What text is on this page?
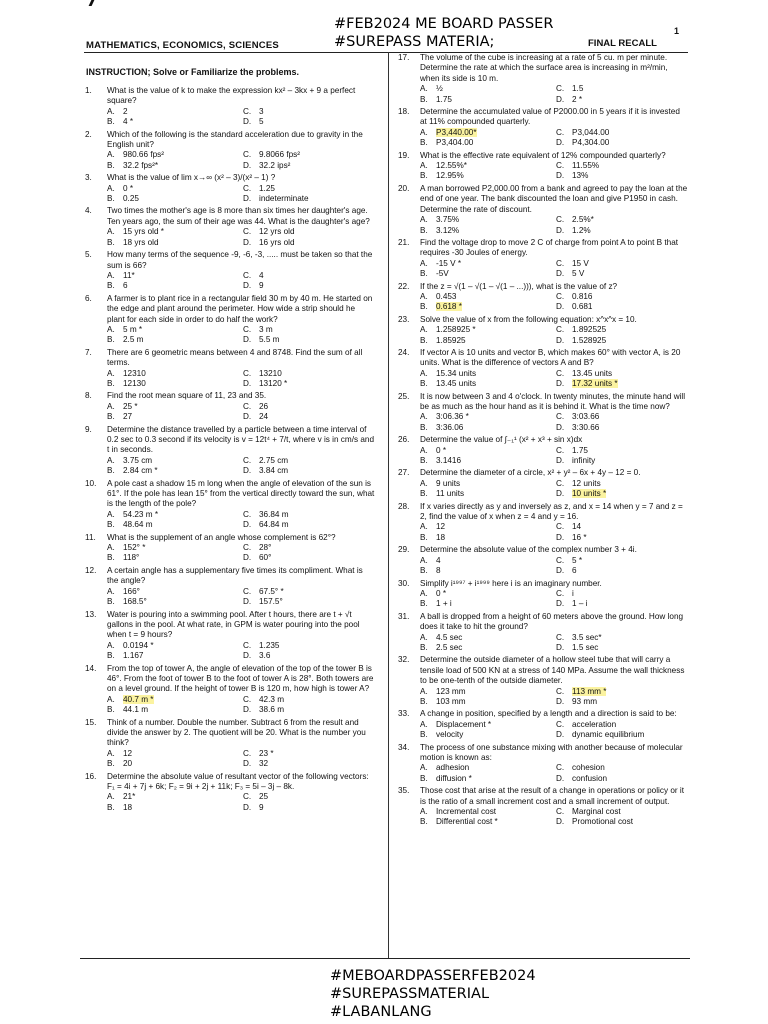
#FEB2024 ME BOARD PASSER
#SUREPASS MATERIA;
1
MATHEMATICS, ECONOMICS, SCIENCES	FINAL RECALL
INSTRUCTION; Solve or Familiarize the problems.
1.	What is the value of k to make the expression kx² – 3kx + 9 a perfect square?
A. 2	C. 3
B. 4 *	D. 5
2.	Which of the following is the standard acceleration due to gravity in the English unit?
A. 980.66 fps²	C. 9.8066 fps²
B. 32.2 fps²*	D. 32.2 ips²
3.	What is the value of lim x→∞ (x² – 3)/(x² – 1) ?
A. 0 *	C. 1.25
B. 0.25	D. indeterminate
4.	Two times the mother's age is 8 more than six times her daughter's age. Ten years ago, the sum of their age was 44. What is the daughter's age?
A. 15 yrs old *	C. 12 yrs old
B. 18 yrs old	D. 16 yrs old
5.	How many terms of the sequence -9, -6, -3, ..... must be taken so that the sum is 66?
A. 11*	C. 4
B. 6	D. 9
6.	A farmer is to plant rice in a rectangular field 30 m by 40 m. He started on the edge and plant around the perimeter. How wide a strip should he plant for each side in order to do half the work?
A. 5 m *	C. 3 m
B. 2.5 m	D. 5.5 m
7.	There are 6 geometric means between 4 and 8748. Find the sum of all terms.
A. 12310	C. 13210
B. 12130	D. 13120 *
8.	Find the root mean square of 11, 23 and 35.
A. 25 *	C. 26
B. 27	D. 24
9.	Determine the distance travelled by a particle between a time interval of 0.2 sec to 0.3 second if its velocity is v = 12t⁴ + 7/t, where v is in cm/s and t in seconds.
A. 3.75 cm	C. 2.75 cm
B. 2.84 cm *	D. 3.84 cm
10.	A pole cast a shadow 15 m long when the angle of elevation of the sun is 61°. If the pole has lean 15° from the vertical directly toward the sun, what is the length of the pole?
A. 54.23 m *	C. 36.84 m
B. 48.64 m	D. 64.84 m
11.	What is the supplement of an angle whose complement is 62°?
A. 152° *	C. 28°
B. 118°	D. 60°
12.	A certain angle has a supplementary five times its compliment. What is the angle?
A. 166°	C. 67.5° *
B. 168.5°	D. 157.5°
13.	Water is pouring into a swimming pool. After t hours, there are t + √t gallons in the pool. At what rate, in GPM is water pouring into the pool when t = 9 hours?
A. 0.0194 *	C. 1.235
B. 1.167	D. 3.6
14.	From the top of tower A, the angle of elevation of the top of the tower B is 46°. From the foot of tower B to the foot of tower A is 28°. Both towers are on a level ground. If the height of tower B is 120 m, how high is tower A?
A. 40.7 m *	C. 42.3 m
B. 44.1 m	D. 38.6 m
15.	Think of a number. Double the number. Subtract 6 from the result and divide the answer by 2. The quotient will be 20. What is the number you think?
A. 12	C. 23 *
B. 20	D. 32
16.	Determine the absolute value of resultant vector of the following vectors: F₁ = 4i + 7j + 6k; F₂ = 9i + 2j + 11k; F₃ = 5i – 3j – 8k.
A. 21*	C. 25
B. 18	D. 9
17.	The volume of the cube is increasing at a rate of 5 cu. m per minute. Determine the rate at which the surface area is increasing in m²/min, when its side is 10 m.
A. ½	C. 1.5
B. 1.75	D. 2 *
18.	Determine the accumulated value of P2000.00 in 5 years if it is invested at 11% compounded quarterly.
A. P3,440.00*	C. P3,044.00
B. P3,404.00	D. P4,304.00
19.	What is the effective rate equivalent of 12% compounded quarterly?
A. 12.55%*	C. 11.55%
B. 12.95%	D. 13%
20.	A man borrowed P2,000.00 from a bank and agreed to pay the loan at the end of one year. The bank discounted the loan and give P1950 in cash. Determine the rate of discount.
A. 3.75%	C. 2.5%*
B. 3.12%	D. 1.2%
21.	Find the voltage drop to move 2 C of charge from point A to point B that requires -30 Joules of energy.
A. -15 V *	C. 15 V
B. -5V	D. 5 V
22.	If the z = √(1 – √(1 – √(1 – ...))), what is the value of z?
A. 0.453	C. 0.816
B. 0.618 *	D. 0.681
23.	Solve the value of x from the following equation: x^x^x = 10.
A. 1.258925 *	C. 1.892525
B. 1.85925	D. 1.528925
24.	If vector A is 10 units and vector B, which makes 60° with vector A, is 20 units. What is the difference of vectors A and B?
A. 15.34 units	C. 13.45 units
B. 13.45 units	D. 17.32 units *
25.	It is now between 3 and 4 o'clock. In twenty minutes, the minute hand will be as much as the hour hand as it is behind it. What is the time now?
A. 3:06.36 *	C. 3:03.66
B. 3:36.06	D. 3:30.66
26.	Determine the value of ∫₋₁¹ (x² + x³ + sin x)dx
A. 0 *	C. 1.75
B. 3.1416	D. infinity
27.	Determine the diameter of a circle, x² + y² – 6x + 4y – 12 = 0.
A. 9 units	C. 12 units
B. 11 units	D. 10 units *
28.	If x varies directly as y and inversely as z, and x = 14 when y = 7 and z = 2, find the value of x when z = 4 and y = 16.
A. 12	C. 14
B. 18	D. 16 *
29.	Determine the absolute value of the complex number 3 + 4i.
A. 4	C. 5 *
B. 8	D. 6
30.	Simplify i¹⁹⁹⁷ + i¹⁹⁹⁹ here i is an imaginary number.
A. 0 *	C. i
B. 1 + i	D. 1 – i
31.	A ball is dropped from a height of 60 meters above the ground. How long does it take to hit the ground?
A. 4.5 sec	C. 3.5 sec*
B. 2.5 sec	D. 1.5 sec
32.	Determine the outside diameter of a hollow steel tube that will carry a tensile load of 500 KN at a stress of 140 MPa. Assume the wall thickness to be one-tenth of the outside diameter.
A. 123 mm	C. 113 mm *
B. 103 mm	D. 93 mm
33.	A change in position, specified by a length and a direction is said to be:
A. Displacement *	C. acceleration
B. velocity	D. dynamic equilibrium
34.	The process of one substance mixing with another because of molecular motion is known as:
A. adhesion	C. cohesion
B. diffusion *	D. confusion
35.	Those cost that arise at the result of a change in operations or policy or it is the ratio of a small increment cost and a small increment of output.
A. Incremental cost	C. Marginal cost
B. Differential cost *	D. Promotional cost
#MEBOARDPASSERFEB2024
#SUREPASSMATERIAL
#LABANLANG
